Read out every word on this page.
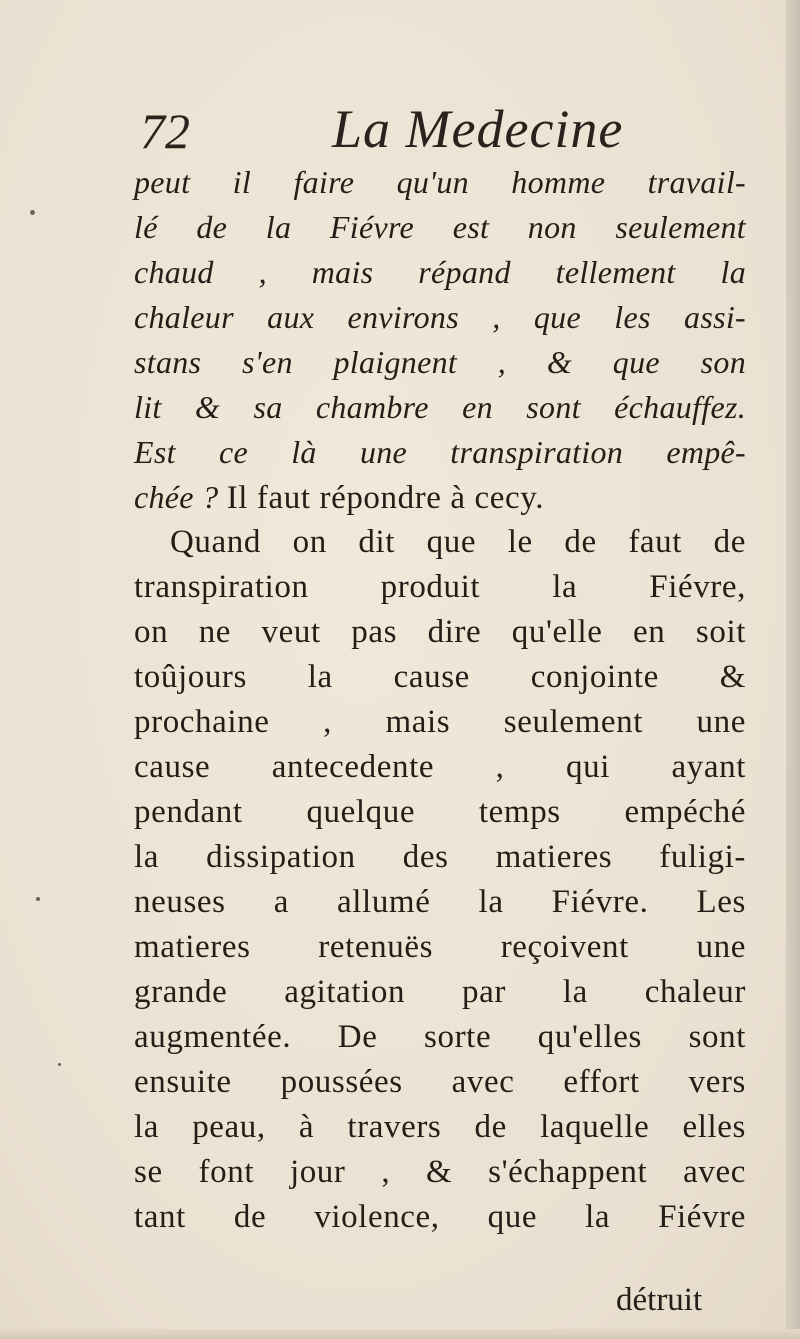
72	La Medecine
peut il faire qu'un homme travail-
lé de la Fiévre est non seulement
chaud , mais répand tellement la
chaleur aux environs , que les assi-
stans s'en plaignent , & que son
lit & sa chambre en sont échauffez.
Est ce là une transpiration empê-
chée ? Il faut répondre à cecy.
Quand on dit que le de faut de
transpiration produit la Fiévre,
on ne veut pas dire qu'elle en soit
toûjours la cause conjointe &
prochaine , mais seulement une
cause antecedente , qui ayant
pendant quelque temps empéché
la dissipation des matieres fuligi-
neuses a allumé la Fiévre. Les
matieres retenuës reçoivent une
grande agitation par la chaleur
augmentée. De sorte qu'elles sont
ensuite poussées avec effort vers
la peau, à travers de laquelle elles
se font jour , & s'échappent avec
tant de violence, que la Fiévre
détruit
